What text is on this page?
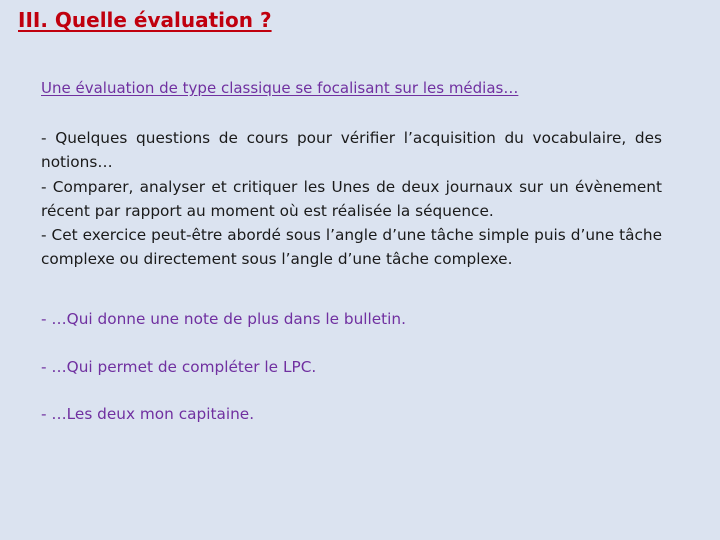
III. Quelle évaluation ?

Une évaluation de type classique se focalisant sur les médias…

- Quelques questions de cours pour vérifier l’acquisition du vocabulaire, des notions…

- Comparer, analyser et critiquer les Unes de deux journaux sur un évènement récent par rapport au moment où est réalisée la séquence.

- Cet exercice peut-être abordé sous l’angle d’une tâche simple puis d’une tâche complexe ou directement sous l’angle d’une tâche complexe.

- …Qui donne une note de plus dans le bulletin.

- …Qui permet de compléter le LPC.

- …Les deux mon capitaine.
